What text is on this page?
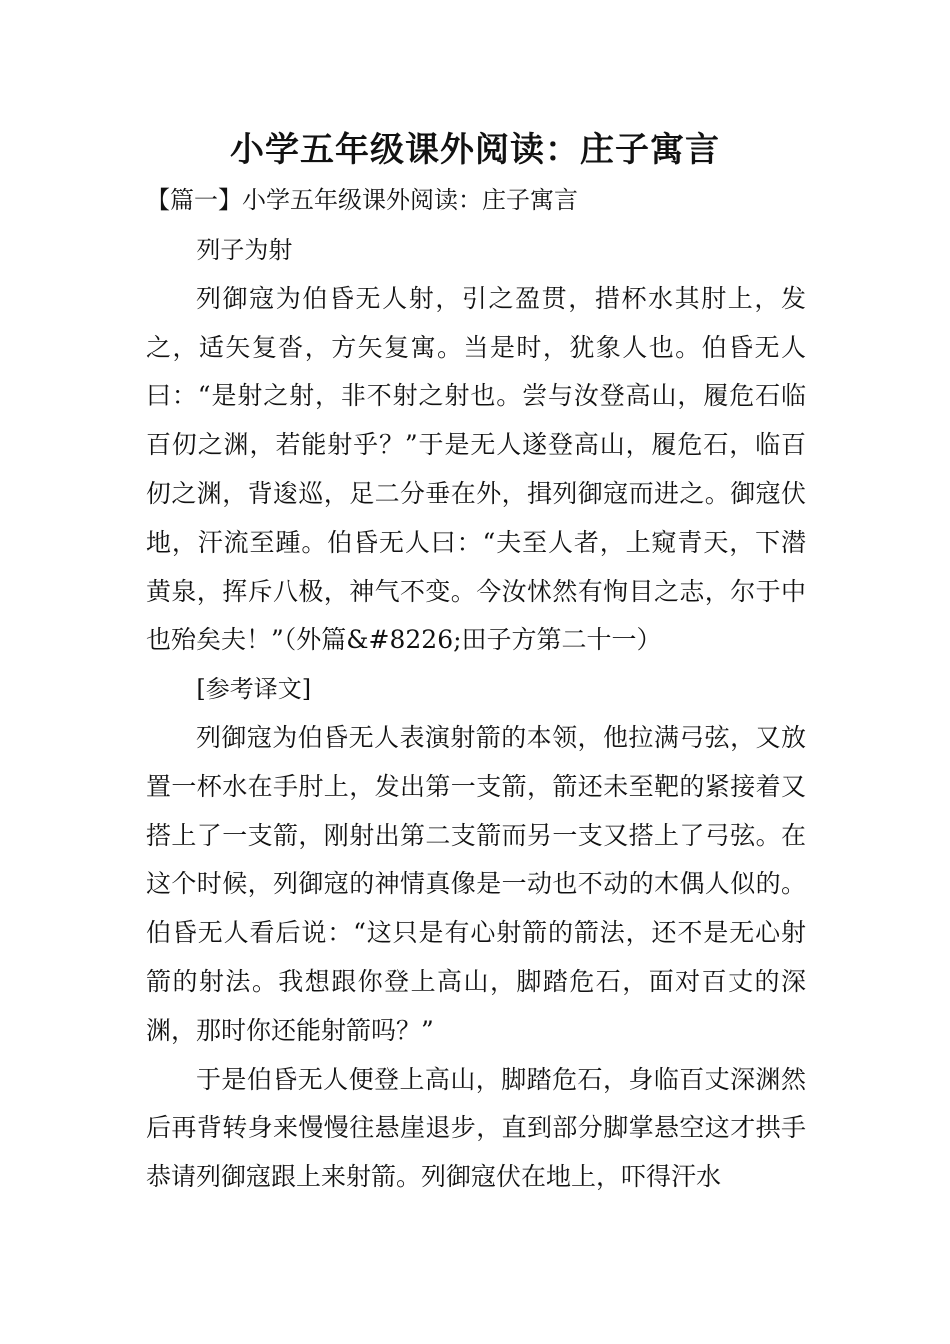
小学五年级课外阅读：庄子寓言
【篇一】小学五年级课外阅读：庄子寓言

列子为射

列御寇为伯昏无人射，引之盈贯，措杯水其肘上，发之，适矢复沓，方矢复寓。当是时，犹象人也。伯昏无人曰：“是射之射，非不射之射也。尝与汝登高山，履危石临百仞之渊，若能射乎？”于是无人遂登高山，履危石，临百仞之渊，背逡巡，足二分垂在外，揖列御寇而进之。御寇伏地，汗流至踵。伯昏无人曰：“夫至人者，上窥青天，下潜黄泉，挥斥八极，神气不变。今汝怵然有恂目之志，尔于中也殆矣夫！”（外篇&#8226;田子方第二十一）

[参考译文]

列御寇为伯昏无人表演射箭的本领，他拉满弓弦，又放置一杯水在手肘上，发出第一支箭，箭还未至靶的紧接着又搭上了一支箭，刚射出第二支箭而另一支又搭上了弓弦。在这个时候，列御寇的神情真像是一动也不动的木偶人似的。伯昏无人看后说：“这只是有心射箭的箭法，还不是无心射箭的射法。我想跟你登上高山，脚踏危石，面对百丈的深渊，那时你还能射箭吗？”

于是伯昏无人便登上高山，脚踏危石，身临百丈深渊然后再背转身来慢慢往悬崖退步，直到部分脚掌悬空这才拱手恭请列御寇跟上来射箭。列御寇伏在地上，吓得汗水
